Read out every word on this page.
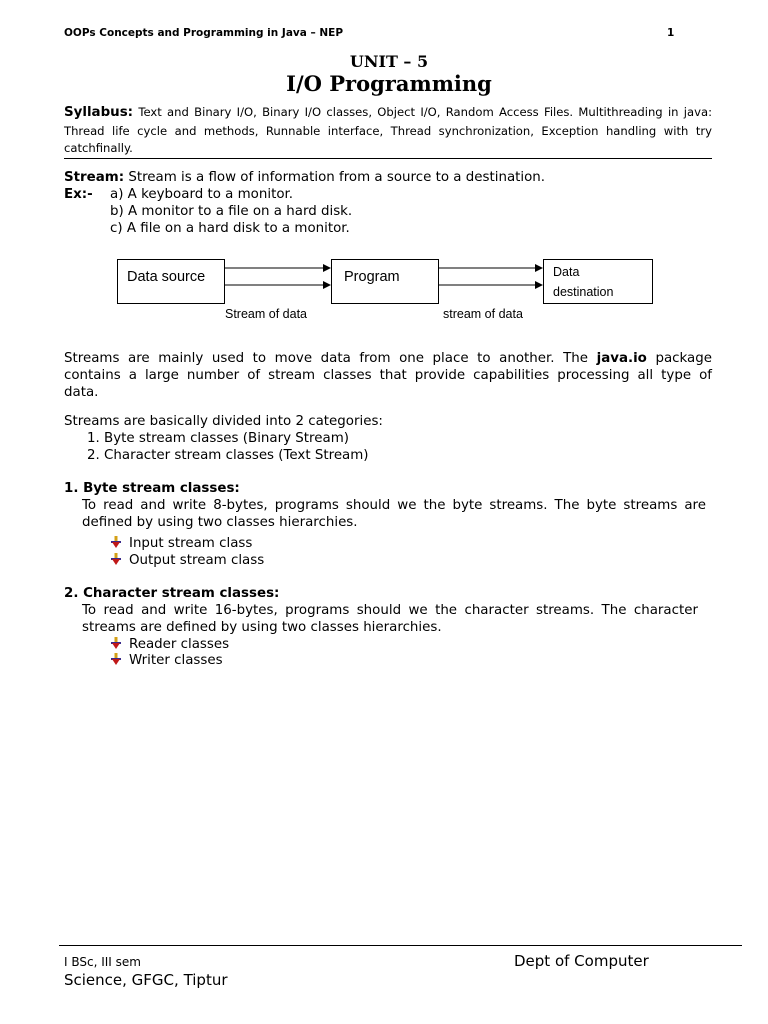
OOPs Concepts and Programming in Java – NEP	1
UNIT – 5
I/O Programming
Syllabus: Text and Binary I/O, Binary I/O classes, Object I/O, Random Access Files. Multithreading in java:
Thread life cycle and methods, Runnable interface, Thread synchronization, Exception handling with try
catchfinally.
Stream: Stream is a flow of information from a source to a destination.
Ex:- a) A keyboard to a monitor.
b) A monitor to a file on a hard disk.
c) A file on a hard disk to a monitor.
Data source	Program	Data
destination
Stream of data	stream of data
Streams are mainly used to move data from one place to another. The java.io package
contains a large number of stream classes that provide capabilities processing all type of
data.
Streams are basically divided into 2 categories:
1. Byte stream classes (Binary Stream)
2. Character stream classes (Text Stream)
1. Byte stream classes:
To read and write 8-bytes, programs should we the byte streams. The byte streams are
defined by using two classes hierarchies.
Input stream class
Output stream class
2. Character stream classes:
To read and write 16-bytes, programs should we the character streams. The character
streams are defined by using two classes hierarchies.
Reader classes
Writer classes
I BSc, III sem	Dept of Computer
Science, GFGC, Tiptur
